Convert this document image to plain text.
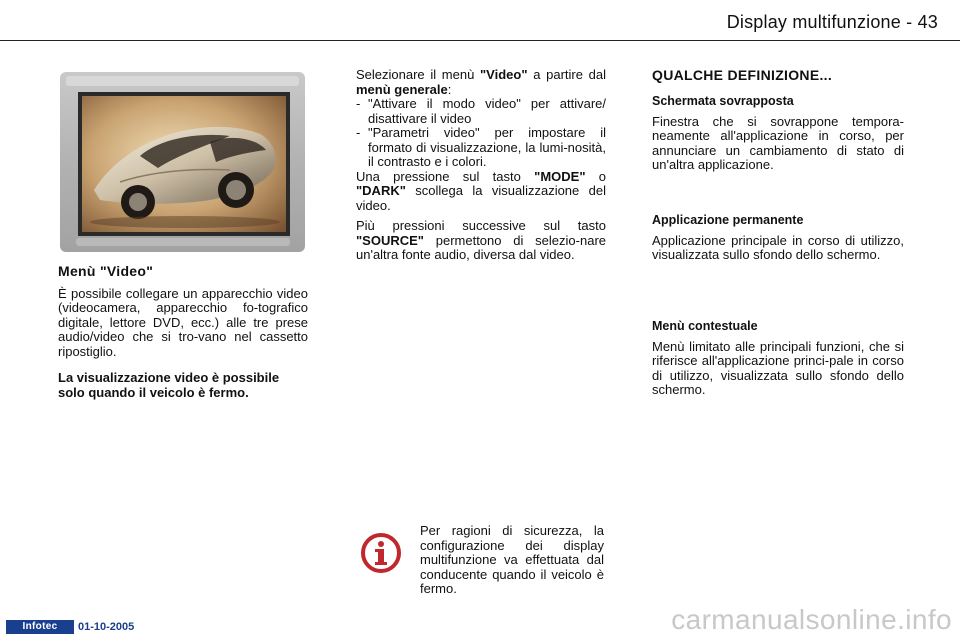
Display multifunzione - 43
Menù "Video"

È possibile collegare un apparecchio video (videocamera, apparecchio fo-tografico digitale, lettore DVD, ecc.) alle tre prese audio/video che si tro-vano nel cassetto ripostiglio.

La visualizzazione video è possibile solo quando il veicolo è fermo.

Selezionare il menù "Video" a partire dal menù generale:

- "Attivare il modo video" per attivare/ disattivare il video
- "Parametri video" per impostare il formato di visualizzazione, la lumi-nosità, il contrasto e i colori.

Una pressione sul tasto "MODE" o "DARK" scollega la visualizzazione del video.

Più pressioni successive sul tasto "SOURCE" permettono di selezio-nare un'altra fonte audio, diversa dal video.

QUALCHE DEFINIZIONE...
Schermata sovrapposta

Finestra che si sovrappone tempora-neamente all'applicazione in corso, per annunciare un cambiamento di stato di un'altra applicazione.

Applicazione permanente

Applicazione principale in corso di utilizzo, visualizzata sullo sfondo dello schermo.

Menù contestuale

Menù limitato alle principali funzioni, che si riferisce all'applicazione princi-pale in corso di utilizzo, visualizzata sullo sfondo dello schermo.

Per ragioni di sicurezza, la configurazione dei display multifunzione va effettuata dal conducente quando il veicolo è fermo.

Infotec	01-10-2005	carmanualsonline.info
